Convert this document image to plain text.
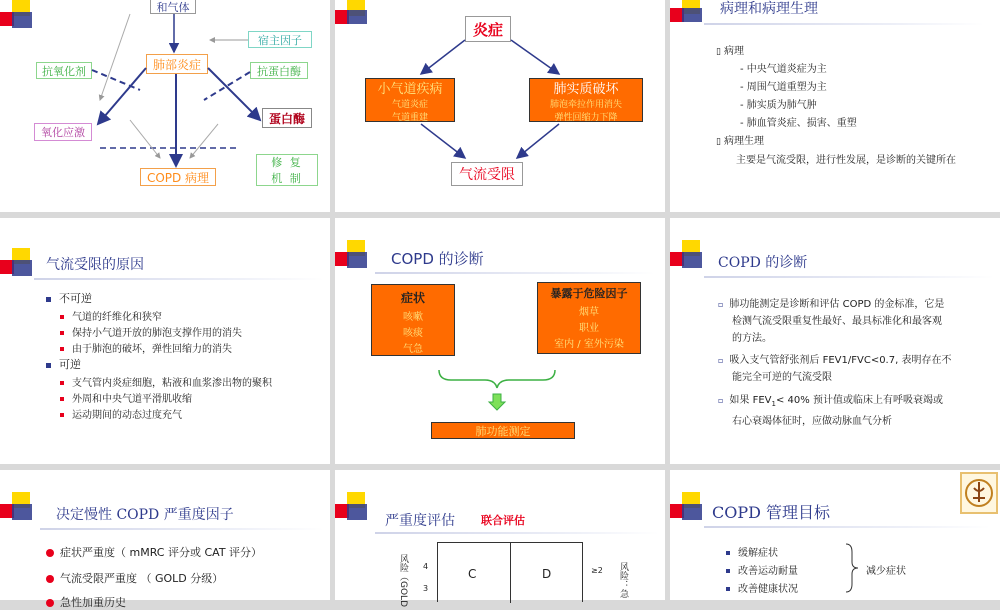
和气体
宿主因子
抗氧化剂	肺部炎症	抗蛋白酶
蛋白酶
氧化应激
COPD 病理
修 复 机 制
炎症
小气道疾病
气道炎症
气道重建
肺实质破坏
肺泡牵拉作用消失
弹性回缩力下降
气流受限
病理和病理生理
▯ 病理
- 中央气道炎症为主
- 周围气道重塑为主
- 肺实质为肺气肿
- 肺血管炎症、损害、重塑
▯ 病理生理
主要是气流受限，进行性发展，是诊断的关键所在
气流受限的原因
不可逆
气道的纤维化和狭窄
保持小气道开放的肺泡支撑作用的消失
由于肺泡的破坏，弹性回缩力的消失
可逆
支气管内炎症细胞，粘液和血浆渗出物的聚积
外周和中央气道平滑肌收缩
运动期间的动态过度充气
COPD 的诊断
症状
咳嗽
咳痰
气急
暴露于危险因子
烟草
职业
室内 / 室外污染
肺功能测定
COPD 的诊断
▫ 肺功能测定是诊断和评估 COPD 的金标准，它是
检测气流受限重复性最好、最具标准化和最客观
的方法。
▫ 吸入支气管舒张剂后 FEV1/FVC<0.7, 表明存在不
能完全可逆的气流受限
▫ 如果 $FEV_1< 40\%$ 预计值或临床上有呼吸衰竭或
右心衰竭体征时，应做动脉血气分析
决定慢性 COPD 严重度因子
症状严重度（ mMRC 评分或 CAT 评分）
气流受限严重度 （ GOLD 分级）
急性加重历史
严重度评估 联合评估
风险（GOLD 4
3
C	D	≥2 风险：急
COPD 管理目标
缓解症状
改善运动耐量
改善健康状况
减少症状
